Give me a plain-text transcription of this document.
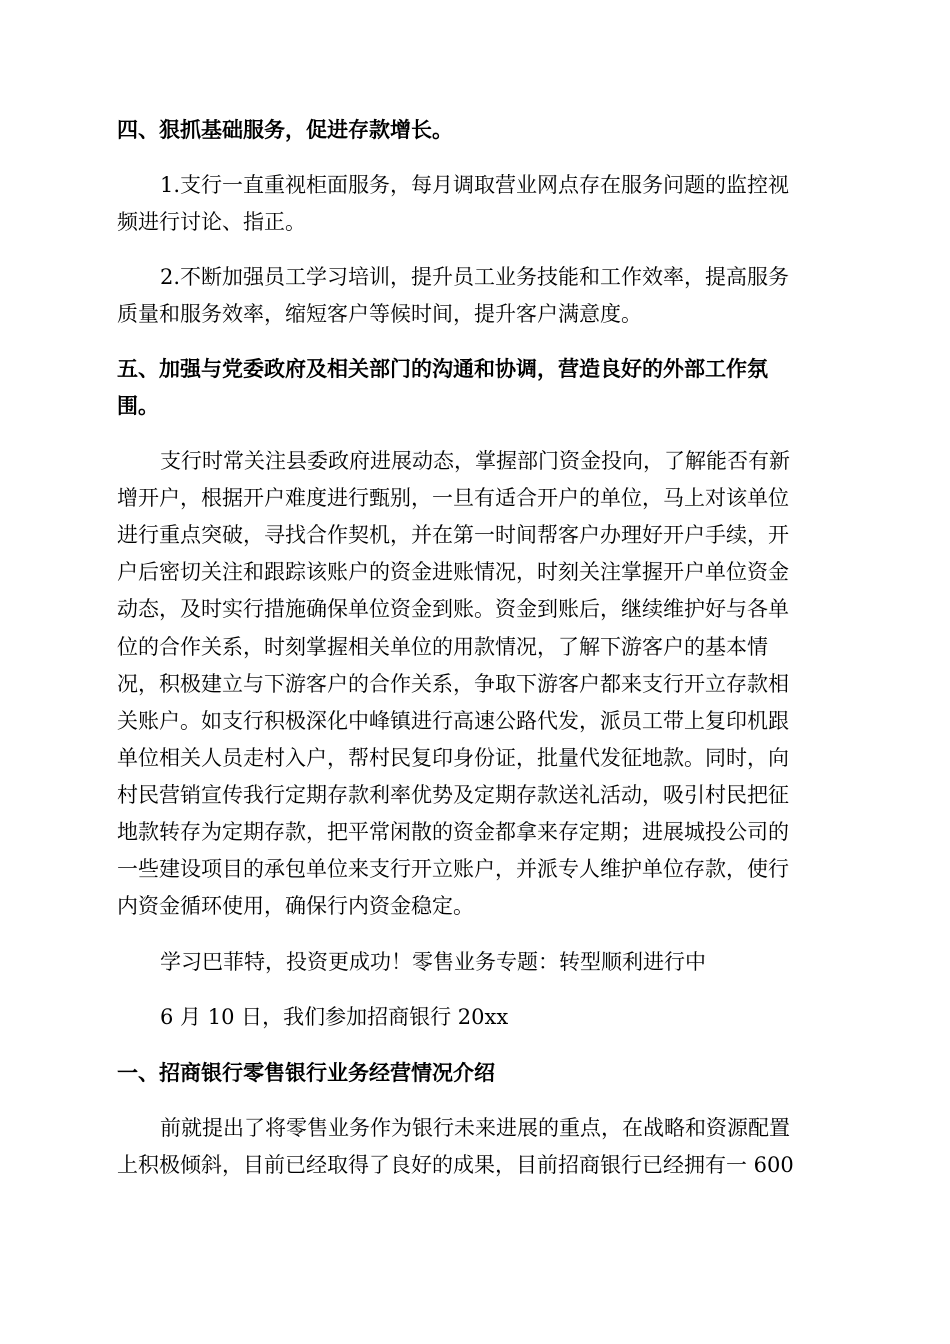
四、狠抓基础服务，促进存款增长。
1.支行一直重视柜面服务，每月调取营业网点存在服务问题的监控视
频进行讨论、指正。
2.不断加强员工学习培训，提升员工业务技能和工作效率，提高服务
质量和服务效率，缩短客户等候时间，提升客户满意度。
五、加强与党委政府及相关部门的沟通和协调，营造良好的外部工作氛
围。
支行时常关注县委政府进展动态，掌握部门资金投向，了解能否有新
增开户，根据开户难度进行甄别，一旦有适合开户的单位，马上对该单位
进行重点突破，寻找合作契机，并在第一时间帮客户办理好开户手续，开
户后密切关注和跟踪该账户的资金进账情况，时刻关注掌握开户单位资金
动态，及时实行措施确保单位资金到账。资金到账后，继续维护好与各单
位的合作关系，时刻掌握相关单位的用款情况，了解下游客户的基本情
况，积极建立与下游客户的合作关系，争取下游客户都来支行开立存款相
关账户。如支行积极深化中峰镇进行高速公路代发，派员工带上复印机跟
单位相关人员走村入户，帮村民复印身份证，批量代发征地款。同时，向
村民营销宣传我行定期存款利率优势及定期存款送礼活动，吸引村民把征
地款转存为定期存款，把平常闲散的资金都拿来存定期；进展城投公司的
一些建设项目的承包单位来支行开立账户，并派专人维护单位存款，使行
内资金循环使用，确保行内资金稳定。
学习巴菲特，投资更成功！零售业务专题：转型顺利进行中
6 月 10 日，我们参加招商银行 20xx
一、招商银行零售银行业务经营情况介绍
前就提出了将零售业务作为银行未来进展的重点，在战略和资源配置
上积极倾斜，目前已经取得了良好的成果，目前招商银行已经拥有一 600
